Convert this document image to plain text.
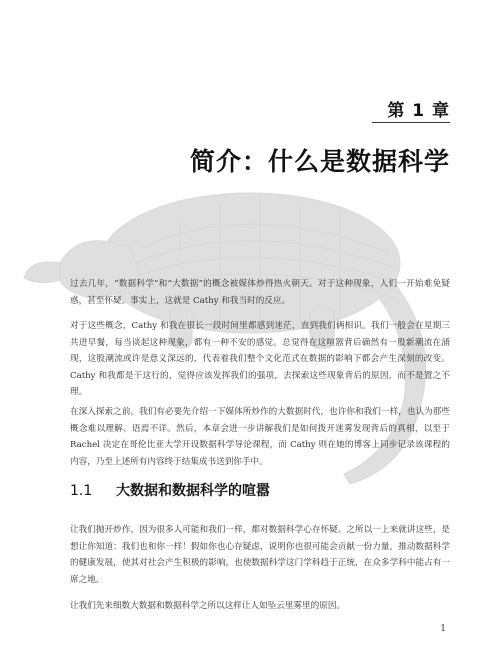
第 1 章
简介：什么是数据科学

过去几年，“数据科学”和“大数据”的概念被媒体炒得热火朝天。对于这种现象，人们一开始难免疑惑，甚至怀疑。事实上，这就是 Cathy 和我当时的反应。

对于这些概念，Cathy 和我在很长一段时间里都感到迷茫，直到我们俩相识。我们一般会在星期三共进早餐，每当谈起这种现象，都有一种不安的感觉。总觉得在这喧嚣背后确然有一股新潮流在涌现，这股潮流或许是意义深远的，代表着我们整个文化范式在数据的影响下都会产生深刻的改变。Cathy 和我都是干这行的，觉得应该发挥我们的强项，去探索这些现象背后的原因，而不是置之不理。

在深入探索之前，我们有必要先介绍一下媒体所炒作的大数据时代，也许你和我们一样，也认为那些概念难以理解、语焉不详。然后，本章会进一步讲解我们是如何拨开迷雾发现背后的真相，以至于 Rachel 决定在哥伦比亚大学开设数据科学导论课程，而 Cathy 则在她的博客上同步记录该课程的内容，乃至上述所有内容终于结集成书送到你手中。

1.1 大数据和数据科学的喧嚣

让我们抛开炒作，因为很多人可能和我们一样，都对数据科学心存怀疑。之所以一上来就讲这些，是想让你知道：我们也和你一样！假如你也心存疑虑，说明你也很可能会贡献一份力量，推动数据科学的健康发展，使其对社会产生积极的影响，也使数据科学这门学科趋于正统，在众多学科中能占有一席之地。

让我们先来细数大数据和数据科学之所以这样让人如坠云里雾里的原因。

1
